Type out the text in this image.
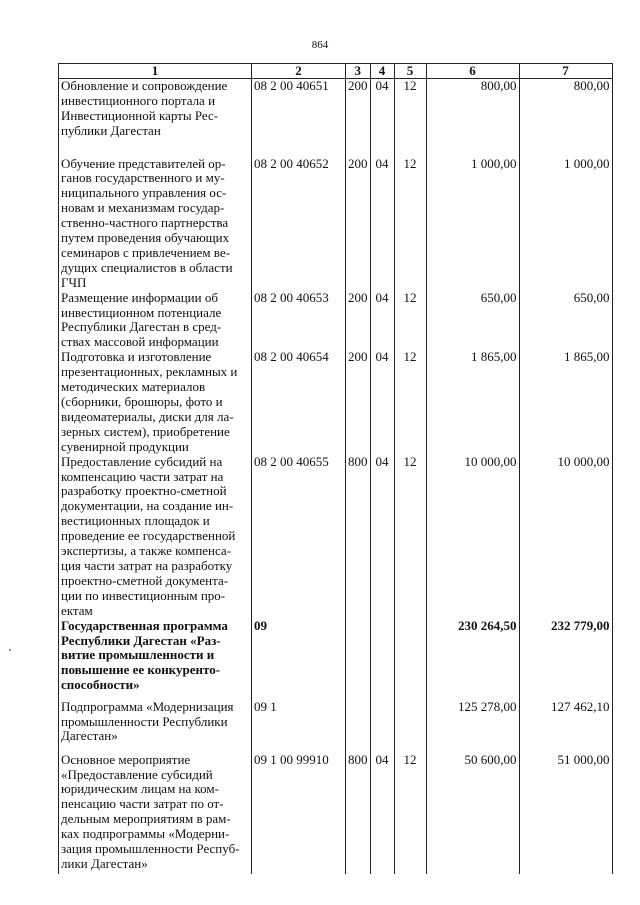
864
1	2	3	4	5	6	7
Обновление и сопровождение инвестиционного портала и Инвестиционной карты Рес- публики Дагестан	08 2 00 40651	200	04	12	800,00	800,00
Обучение представителей ор- ганов государственного и му- ниципального управления ос- новам и механизмам государ- ственно-частного партнерства путем проведения обучающих семинаров с привлечением ве- дущих специалистов в области ГЧП	08 2 00 40652	200	04	12	1 000,00	1 000,00
Размещение информации об инвестиционном потенциале Республики Дагестан в сред- ствах массовой информации	08 2 00 40653	200	04	12	650,00	650,00
Подготовка и изготовление презентационных, рекламных и методических материалов (сборники, брошюры, фото и видеоматериалы, диски для ла- зерных систем), приобретение сувенирной продукции	08 2 00 40654	200	04	12	1 865,00	1 865,00
Предоставление субсидий на компенсацию части затрат на разработку проектно-сметной документации, на создание ин- вестиционных площадок и проведение ее государственной экспертизы, а также компенса- ция части затрат на разработку проектно-сметной документа- ции по инвестиционным про- ектам	08 2 00 40655	800	04	12	10 000,00	10 000,00
Государственная программа Республики Дагестан «Раз- витие промышленности и повышение ее конкуренто- способности»	09				230 264,50	232 779,00
Подпрограмма «Модернизация промышленности Республики Дагестан»	09 1				125 278,00	127 462,10
Основное мероприятие «Предоставление субсидий юридическим лицам на ком- пенсацию части затрат по от- дельным мероприятиям в рам- ках подпрограммы «Модерни- зация промышленности Респуб- лики Дагестан»	09 1 00 99910	800	04	12	50 600,00	51 000,00
